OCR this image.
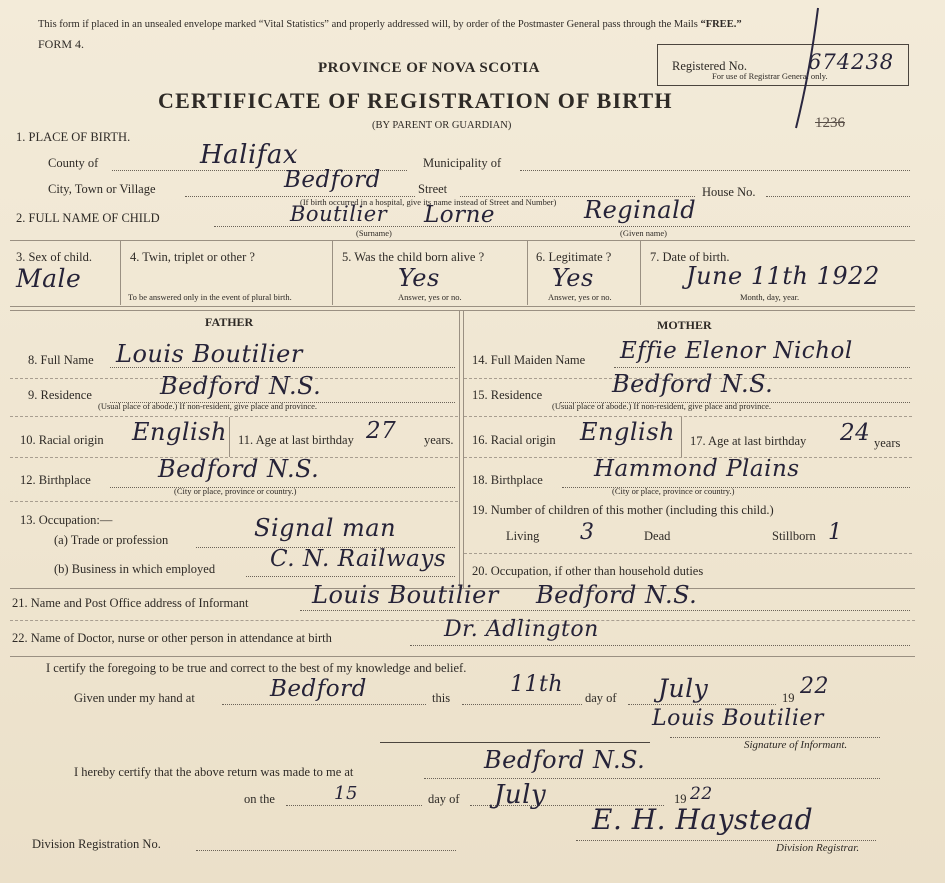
This form if placed in an unsealed envelope marked “Vital Statistics” and properly addressed will, by order of the Postmaster General pass through the Mails “FREE.”
FORM 4.
PROVINCE OF NOVA SCOTIA
CERTIFICATE OF REGISTRATION OF BIRTH
(BY PARENT OR GUARDIAN)
Registered No.
For use of Registrar General only.
674238
1236
1. PLACE OF BIRTH.
County of	Halifax	Municipality of
City, Town or Village	Bedford	Street	House No.
(If birth occurred in a hospital, give its name instead of Street and Number)
2. FULL NAME OF CHILD	Boutilier Lorne	Reginald
(Surname)	(Given name)
3. Sex of child.
Male
4. Twin, triplet or other ?
To be answered only in the event of plural birth.
5. Was the child born alive ?
Yes
Answer, yes or no.
6. Legitimate ?
Yes
Answer, yes or no.
7. Date of birth.
June 11th 1922
Month, day, year.
FATHER	MOTHER
8. Full Name Louis Boutilier
9. Residence	Bedford N.S.
(Usual place of abode.) If non-resident, give place and province.
10. Racial origin English 11. Age at last birthday 27 years.
12. Birthplace	Bedford N.S.
(City or place, province or country.)
13. Occupation:—
(a) Trade or profession	Signal man
(b) Business in which employed C. N. Railways
14. Full Maiden Name Effie Elenor Nichol
15. Residence	Bedford N.S.
(Usual place of abode.) If non-resident, give place and province.
16. Racial origin English 17. Age at last birthday 24 years
18. Birthplace Hammond Plains
(City or place, province or country.)
19. Number of children of this mother (including this child.)
Living 3	Dead	Stillborn 1
20. Occupation, if other than household duties
21. Name and Post Office address of Informant	Louis Boutilier Bedford N.S.
22. Name of Doctor, nurse or other person in attendance at birth	Dr. Adlington
I certify the foregoing to be true and correct to the best of my knowledge and belief.
Given under my hand at	Bedford	this
11th
day of July	19 22
Louis Boutilier
Signature of Informant.
I hereby certify that the above return was made to me at	Bedford N.S.
on the	15	day of July	19 22
Division Registration No.
E. H. Haystead
Division Registrar.
